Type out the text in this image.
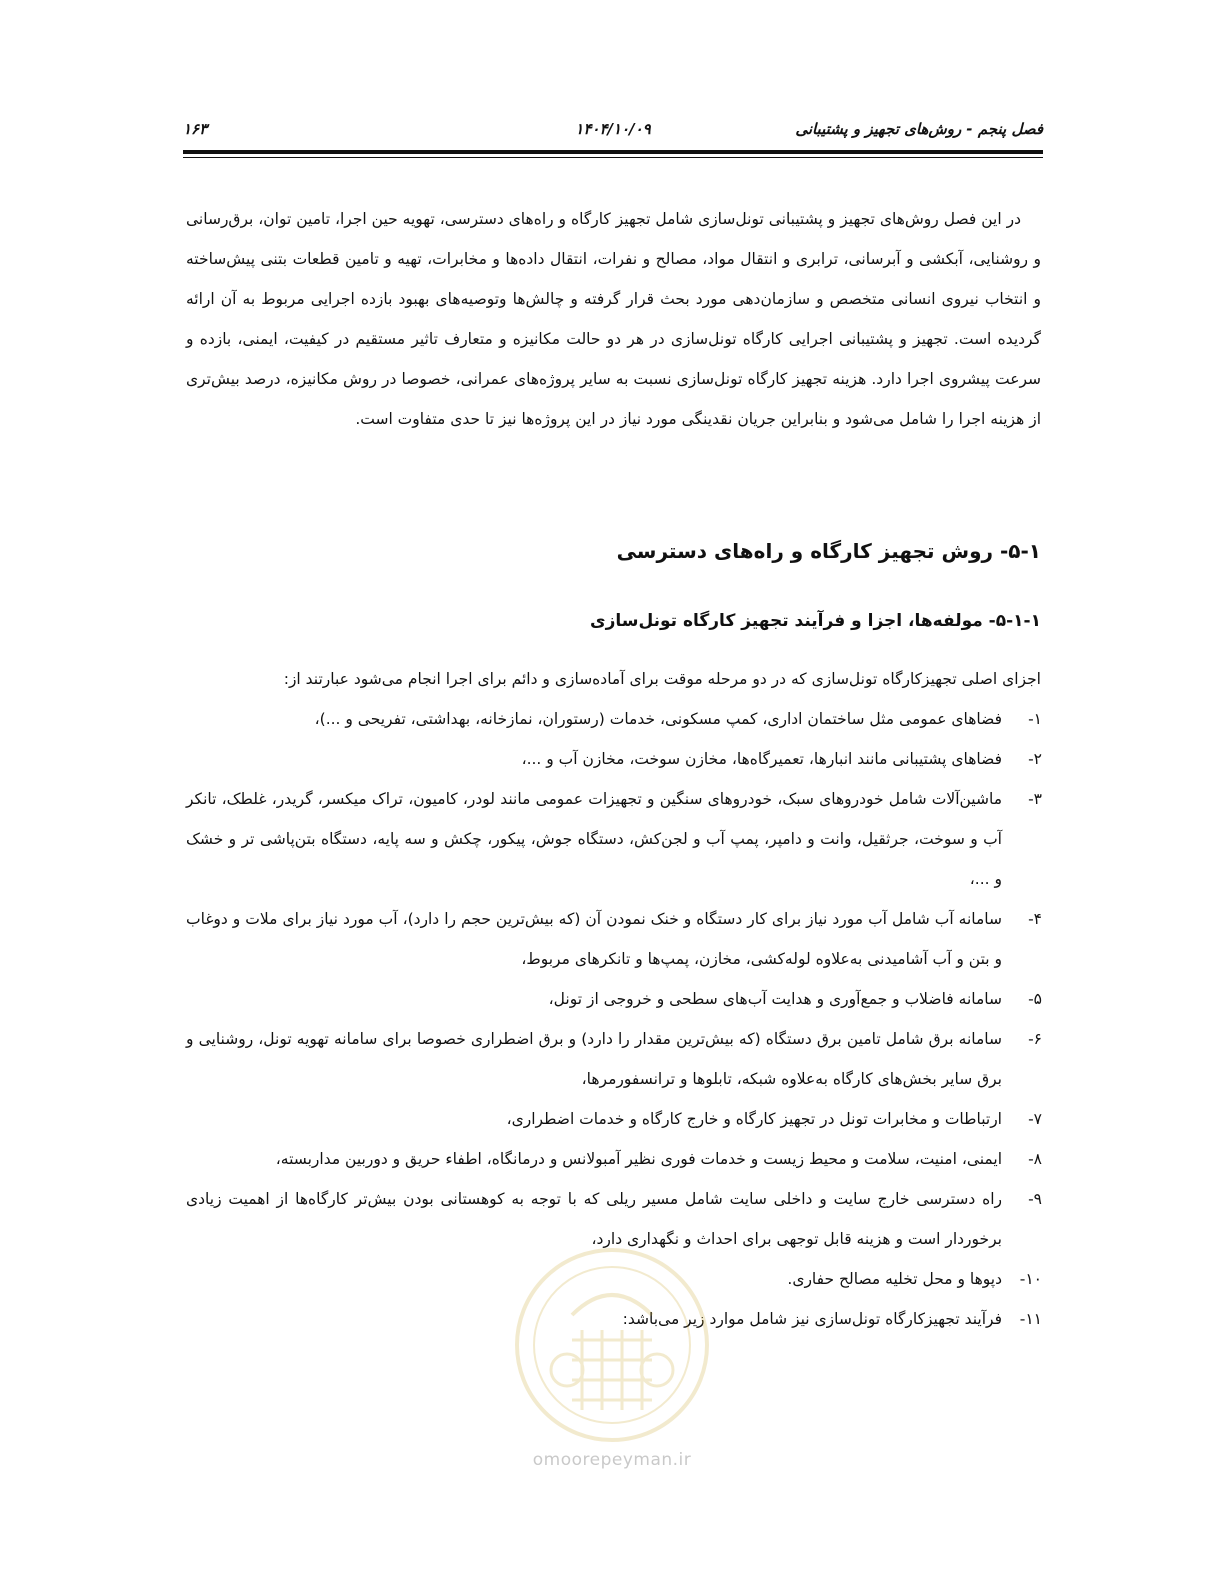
فصل پنجم - روش‌های تجهیز و پشتیبانی
۱۴۰۴/۱۰/۰۹
۱۶۳

در این فصل روش‌های تجهیز و پشتیبانی تونل‌سازی شامل تجهیز کارگاه و راه‌های دسترسی، تهویه حین اجرا، تامین توان، برق‌رسانی و روشنایی، آبکشی و آبرسانی، ترابری و انتقال مواد، مصالح و نفرات، انتقال داده‌ها و مخابرات، تهیه و تامین قطعات بتنی پیش‌ساخته و انتخاب نیروی انسانی متخصص و سازمان‌دهی مورد بحث قرار گرفته و چالش‌ها وتوصیه‌های بهبود بازده اجرایی مربوط به آن ارائه گردیده است. تجهیز و پشتیبانی اجرایی کارگاه تونل‌سازی در هر دو حالت مکانیزه و متعارف تاثیر مستقیم در کیفیت، ایمنی، بازده و سرعت پیشروی اجرا دارد. هزینه تجهیز کارگاه تونل‌سازی نسبت به سایر پروژه‌های عمرانی، خصوصا در روش مکانیزه، درصد بیش‌تری از هزینه اجرا را شامل می‌شود و بنابراین جریان نقدینگی مورد نیاز در این پروژه‌ها نیز تا حدی متفاوت است.

۵-۱- روش تجهیز کارگاه و راه‌های دسترسی
۵-۱-۱- مولفه‌ها، اجزا و فرآیند تجهیز کارگاه تونل‌سازی

اجزای اصلی تجهیزکارگاه تونل‌سازی که در دو مرحله موقت برای آماده‌سازی و دائم برای اجرا انجام می‌شود عبارتند از:

۱-
فضاهای عمومی مثل ساختمان اداری، کمپ مسکونی، خدمات (رستوران، نمازخانه، بهداشتی، تفریحی و ...)،
۲-
فضاهای پشتیبانی مانند انبارها، تعمیرگاه‌ها، مخازن سوخت، مخازن آب و ...،
۳-
ماشین‌آلات شامل خودروهای سبک، خودروهای سنگین و تجهیزات عمومی مانند لودر، کامیون، تراک میکسر، گریدر، غلطک، تانکر آب و سوخت، جرثقیل، وانت و دامپر، پمپ آب و لجن‌کش، دستگاه جوش، پیکور، چکش و سه پایه، دستگاه بتن‌پاشی تر و خشک و ...،
۴-
سامانه آب شامل آب مورد نیاز برای کار دستگاه و خنک نمودن آن (که بیش‌ترین حجم را دارد)، آب مورد نیاز برای ملات و دوغاب و بتن و آب آشامیدنی به‌علاوه لوله‌کشی، مخازن، پمپ‌ها و تانکرهای مربوط،
۵-
سامانه فاضلاب و جمع‌آوری و هدایت آب‌های سطحی و خروجی از تونل،
۶-
سامانه برق شامل تامین برق دستگاه (که بیش‌ترین مقدار را دارد) و برق اضطراری خصوصا برای سامانه تهویه تونل، روشنایی و برق سایر بخش‌های کارگاه به‌علاوه شبکه، تابلوها و ترانسفورمرها،
۷-
ارتباطات و مخابرات تونل در تجهیز کارگاه و خارج کارگاه و خدمات اضطراری،
۸-
ایمنی، امنیت، سلامت و محیط زیست و خدمات فوری نظیر آمبولانس و درمانگاه، اطفاء حریق و دوربین مداربسته،
۹-
راه دسترسی خارج سایت و داخلی سایت شامل مسیر ریلی که با توجه به کوهستانی بودن بیش‌تر کارگاه‌ها از اهمیت زیادی برخوردار است و هزینه قابل توجهی برای احداث و نگهداری دارد،
۱۰-
دپوها و محل تخلیه مصالح حفاری.
۱۱-
فرآیند تجهیزکارگاه تونل‌سازی نیز شامل موارد زیر می‌باشد:
omoorepeyman.ir
